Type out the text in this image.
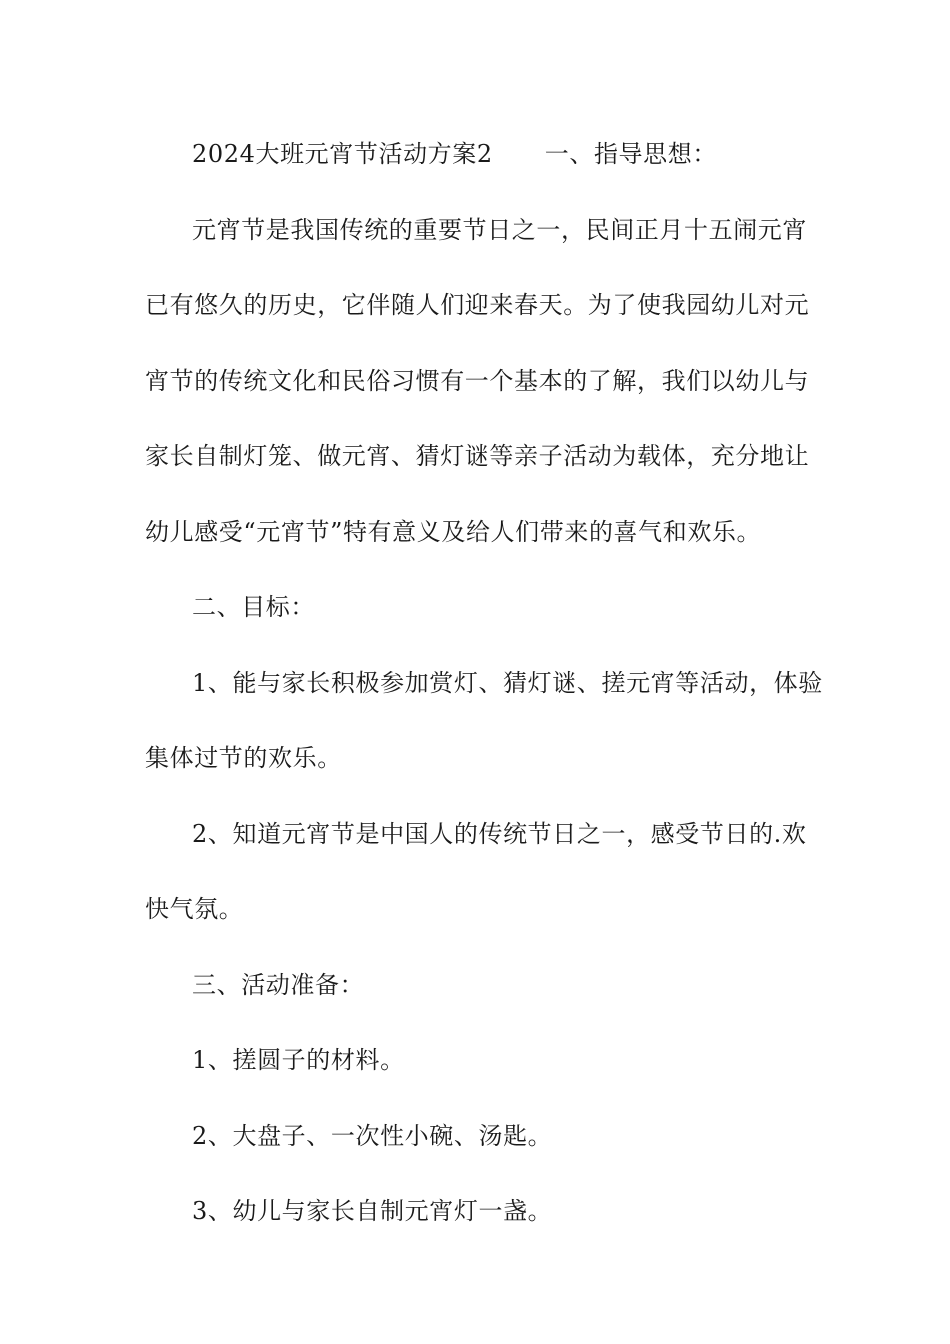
2024大班元宵节活动方案2 一、指导思想：
元宵节是我国传统的重要节日之一，民间正月十五闹元宵
已有悠久的历史，它伴随人们迎来春天。为了使我园幼儿对元
宵节的传统文化和民俗习惯有一个基本的了解，我们以幼儿与
家长自制灯笼、做元宵、猜灯谜等亲子活动为载体，充分地让
幼儿感受“元宵节”特有意义及给人们带来的喜气和欢乐。
二、目标：
1、能与家长积极参加赏灯、猜灯谜、搓元宵等活动，体验
集体过节的欢乐。
2、知道元宵节是中国人的传统节日之一，感受节日的.欢
快气氛。
三、活动准备：
1、搓圆子的材料。
2、大盘子、一次性小碗、汤匙。
3、幼儿与家长自制元宵灯一盏。
